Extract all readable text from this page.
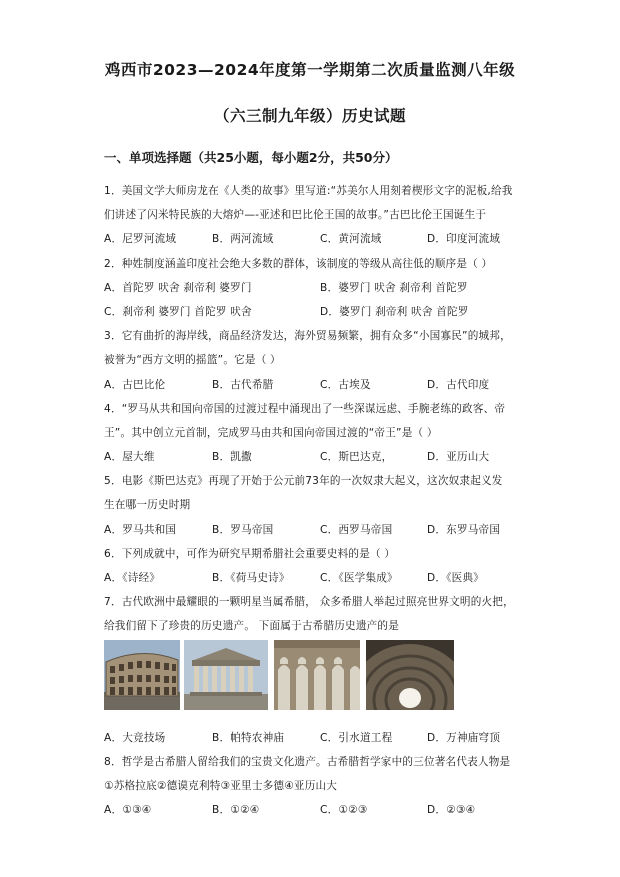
鸡西市2023—2024年度第一学期第二次质量监测八年级
（六三制九年级）历史试题
一、单项选择题（共25小题，每小题2分，共50分）
1．美国文学大师房龙在《人类的故事》里写道:“苏美尔人用刻着楔形文字的泥板,给我
们讲述了闪米特民族的大熔炉—-亚述和巴比伦王国的故事。”古巴比伦王国诞生于
A．尼罗河流域	B．两河流域	C．黄河流域	D．印度河流域
2．种姓制度涵盖印度社会绝大多数的群体，该制度的等级从高往低的顺序是（ ）
A．首陀罗 吠舍 刹帝利 婆罗门	B．婆罗门 吠舍 刹帝利 首陀罗
C．刹帝利 婆罗门 首陀罗 吠舍	D．婆罗门 刹帝利 吠舍 首陀罗
3．它有曲折的海岸线，商品经济发达，海外贸易频繁，拥有众多“小国寡民”的城邦，
被誉为“西方文明的摇篮”。它是（ ）
A．古巴比伦	B．古代希腊	C．古埃及	D．古代印度
4．“罗马从共和国向帝国的过渡过程中涌现出了一些深谋远虑、手腕老练的政客、帝
王”。其中创立元首制，完成罗马由共和国向帝国过渡的“帝王”是（ ）
A．屋大维	B．凯撒	C．斯巴达克，	D．亚历山大
5．电影《斯巴达克》再现了开始于公元前73年的一次奴隶大起义，这次奴隶起义发
生在哪一历史时期
A．罗马共和国	B．罗马帝国	C．西罗马帝国	D．东罗马帝国
6．下列成就中，可作为研究早期希腊社会重要史料的是（ ）
A．《诗经》	B．《荷马史诗》	C．《医学集成》	D．《医典》
7．古代欧洲中最耀眼的一颗明星当属希腊， 众多希腊人举起过照亮世界文明的火把，
给我们留下了珍贵的历史遗产。 下面属于古希腊历史遗产的是
A．大竞技场	B．帕特农神庙	C．引水道工程	D．万神庙穹顶
8．哲学是古希腊人留给我们的宝贵文化遗产。古希腊哲学家中的三位著名代表人物是
①苏格拉底②德谟克利特③亚里士多德④亚历山大
A．①③④	B．①②④	C．①②③	D．②③④
